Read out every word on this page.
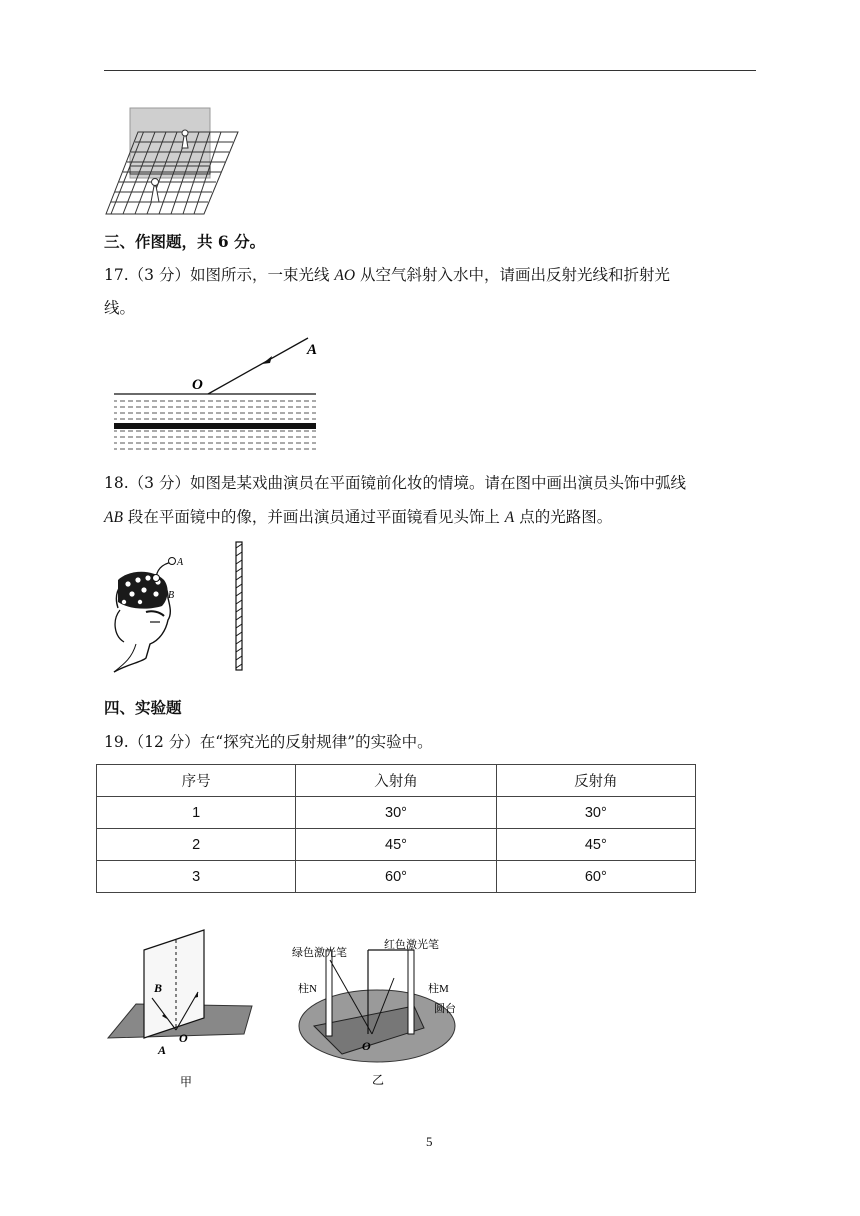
三、作图题，共 6 分。
17.（3 分）如图所示，一束光线 AO 从空气斜射入水中，请画出反射光线和折射光
线。
A
O
18.（3 分）如图是某戏曲演员在平面镜前化妆的情境。请在图中画出演员头饰中弧线
AB 段在平面镜中的像，并画出演员通过平面镜看见头饰上 A 点的光路图。
A
B
四、实验题
19.（12 分）在“探究光的反射规律”的实验中。
序号	入射角	反射角
1	30°	30°
2	45°	45°
3	60°	60°
B
O
A
甲
绿色激光笔
红色激光笔
柱N	柱M
圆台
O
乙
5
